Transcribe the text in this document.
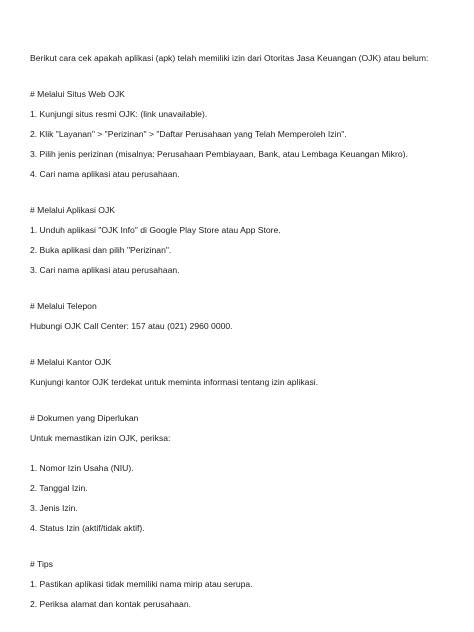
Berikut cara cek apakah aplikasi (apk) telah memiliki izin dari Otoritas Jasa Keuangan (OJK) atau belum:

# Melalui Situs Web OJK

1. Kunjungi situs resmi OJK: (link unavailable).

2. Klik "Layanan" > "Perizinan" > "Daftar Perusahaan yang Telah Memperoleh Izin".

3. Pilih jenis perizinan (misalnya: Perusahaan Pembiayaan, Bank, atau Lembaga Keuangan Mikro).

4. Cari nama aplikasi atau perusahaan.

# Melalui Aplikasi OJK

1. Unduh aplikasi "OJK Info" di Google Play Store atau App Store.

2. Buka aplikasi dan pilih "Perizinan".

3. Cari nama aplikasi atau perusahaan.

# Melalui Telepon

Hubungi OJK Call Center: 157 atau (021) 2960 0000.

# Melalui Kantor OJK

Kunjungi kantor OJK terdekat untuk meminta informasi tentang izin aplikasi.

# Dokumen yang Diperlukan

Untuk memastikan izin OJK, periksa:

1. Nomor Izin Usaha (NIU).

2. Tanggal Izin.

3. Jenis Izin.

4. Status Izin (aktif/tidak aktif).

# Tips

1. Pastikan aplikasi tidak memiliki nama mirip atau serupa.

2. Periksa alamat dan kontak perusahaan.
